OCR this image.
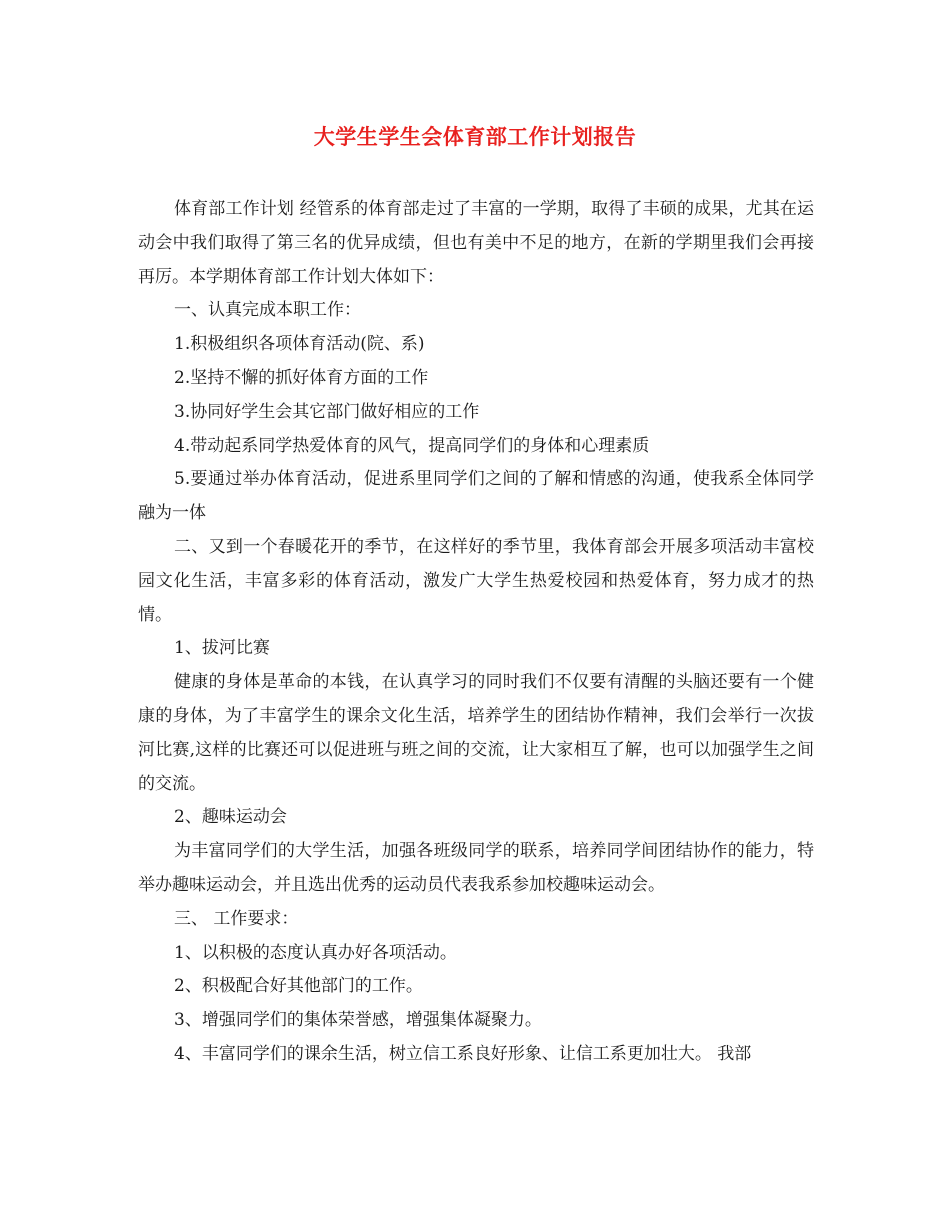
大学生学生会体育部工作计划报告

体育部工作计划 经管系的体育部走过了丰富的一学期，取得了丰硕的成果，尤其在运动会中我们取得了第三名的优异成绩，但也有美中不足的地方，在新的学期里我们会再接再厉。本学期体育部工作计划大体如下：

一、认真完成本职工作：

1.积极组织各项体育活动(院、系)

2.坚持不懈的抓好体育方面的工作

3.协同好学生会其它部门做好相应的工作

4.带动起系同学热爱体育的风气，提高同学们的身体和心理素质

5.要通过举办体育活动，促进系里同学们之间的了解和情感的沟通，使我系全体同学融为一体

二、又到一个春暖花开的季节，在这样好的季节里，我体育部会开展多项活动丰富校园文化生活，丰富多彩的体育活动，激发广大学生热爱校园和热爱体育，努力成才的热情。

1、拔河比赛

健康的身体是革命的本钱，在认真学习的同时我们不仅要有清醒的头脑还要有一个健康的身体，为了丰富学生的课余文化生活，培养学生的团结协作精神，我们会举行一次拔河比赛,这样的比赛还可以促进班与班之间的交流，让大家相互了解，也可以加强学生之间的交流。

2、趣味运动会

为丰富同学们的大学生活，加强各班级同学的联系，培养同学间团结协作的能力，特举办趣味运动会，并且选出优秀的运动员代表我系参加校趣味运动会。

三、 工作要求：

1、以积极的态度认真办好各项活动。

2、积极配合好其他部门的工作。

3、增强同学们的集体荣誉感，增强集体凝聚力。

4、丰富同学们的课余生活，树立信工系良好形象、让信工系更加壮大。 我部
